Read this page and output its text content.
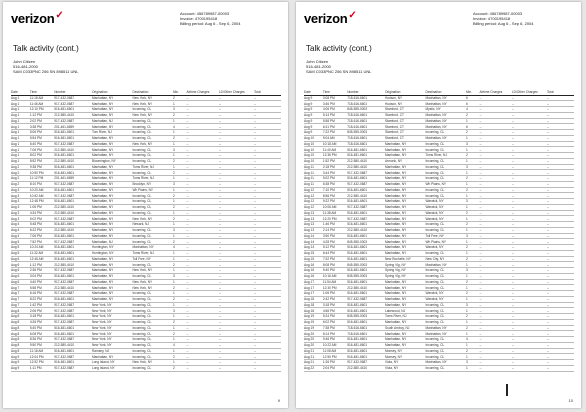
verizon✓	Account: 456789987-00003
Invoice: 4700195418
Billing period: Aug 6 - Sep 6, 2004
Talk activity (cont.)
John Citizen
516-481-2000
SAM C033PNC 256 SN 898511 UNL
Date	Time	Number	Origination	Destination	Min.	Airtime Charges	LD/Other Charges	Total
Aug 1	11:18 AM	917-432-0687	Manhattan, NY	New York, NY	2	--	--	--
Aug 1	11:46 AM	917-432-0687	Manhattan, NY	New York, NY	1	--	--	--
Aug 1	12:10 PM	516-481-6601	Manhattan, NY	Incoming, CL	3	--	--	--
Aug 1	1:12 PM	212-580-4410	Manhattan, NY	New York, NY	2	--	--	--
Aug 1	2:02 PM	917-432-0687	Manhattan, NJ	Incoming, CL	1	--	--	--
Aug 1	3:38 PM	201-461-6659	Manhattan, NY	Incoming, CL	4	--	--	--
Aug 1	5:06 PM	516-481-6601	Tom River, NJ	Incoming, CL	1	--	--	--
Aug 1	5:54 PM	516-481-6601	Manhattan, NY	Incoming, CL	2	--	--	--
Aug 1	6:40 PM	917-432-0687	Manhattan, NY	New York, NY	1	--	--	--
Aug 1	7:06 PM	212-580-4410	Manhattan, NY	Incoming, CL	3	--	--	--
Aug 1	8:02 PM	516-481-6601	Manhattan, NY	Incoming, CL	1	--	--	--
Aug 1	8:52 PM	212-580-4410	Bloomington, NY	Incoming, CL	2	--	--	--
Aug 2	9:38 PM	516-481-6601	Manhattan, NY	Toms River, NJ	1	--	--	--
Aug 2	10:50 PM	516-481-6601	Manhattan, NY	Incoming, CL	2	--	--	--
Aug 2	11:12 PM	201-461-6659	Manhattan, NY	Toms River, NJ	1	--	--	--
Aug 2	8:10 PM	917-432-0687	Manhattan, NY	Brooklyn, NY	3	--	--	--
Aug 3	10:20 AM	516-481-6601	Manhattan, NY	Wh Plains, NY	1	--	--	--
Aug 3	10:52 AM	917-432-0687	Manhattan, NY	Incoming, CL	2	--	--	--
Aug 3	12:48 PM	516-481-6601	Manhattan, NY	Incoming, CL	1	--	--	--
Aug 3	1:06 PM	212-580-4410	Manhattan, NY	Incoming, CL	2	--	--	--
Aug 3	4:34 PM	212-580-4410	Manhattan, NY	Incoming, CL	1	--	--	--
Aug 3	5:02 PM	917-432-0687	Manhattan, NY	New York, NY	2	--	--	--
Aug 4	5:48 PM	516-481-6601	Manhattan, NY	Newark, NJ	1	--	--	--
Aug 4	6:22 PM	212-580-4410	Manhattan, NY	Incoming, CL	3	--	--	--
Aug 4	7:06 PM	516-481-6601	Manhattan, NY	Incoming, CL	1	--	--	--
Aug 5	7:52 PM	917-432-0687	Manhattan, NJ	Incoming, CL	2	--	--	--
Aug 5	10:24 AM	516-481-6601	Huntington, NY	Manhattan, NY	4	--	--	--
Aug 5	11:32 AM	516-481-6601	Huntington, NY	Toms River, NJ	1	--	--	--
Aug 6	12:46 AM	516-481-6601	Manhattan, NY	Toll Free, NY	1	--	--	--
Aug 6	1:12 PM	212-580-4410	Manhattan, NY	Incoming, CL	2	--	--	--
Aug 6	2:36 PM	917-432-0687	Manhattan, NY	New York, NY	1	--	--	--
Aug 6	3:04 PM	516-481-6601	Manhattan, NY	Incoming, CL	3	--	--	--
Aug 6	4:40 PM	917-432-0687	Manhattan, NY	New York, NY	1	--	--	--
Aug 7	5:58 PM	212-580-4410	Manhattan, NY	New York, NY	2	--	--	--
Aug 7	6:16 PM	917-432-0687	Manhattan, NY	Incoming, CL	1	--	--	--
Aug 7	8:22 PM	516-481-6601	Manhattan, NY	Incoming, CL	2	--	--	--
Aug 7	1:42 PM	917-432-0687	New York, NY	Incoming, CL	1	--	--	--
Aug 8	2:06 PM	917-432-0687	New York, NY	Incoming, CL	3	--	--	--
Aug 8	3:18 PM	516-481-6601	New York, NY	Incoming, CL	1	--	--	--
Aug 8	4:26 PM	917-432-0687	New York, NY	Incoming, CL	2	--	--	--
Aug 8	5:40 PM	516-481-6601	New York, NY	Incoming, CL	1	--	--	--
Aug 8	6:08 PM	516-481-6601	New York, NY	Incoming, CL	2	--	--	--
Aug 8	8:36 PM	917-432-0687	New York, NY	Incoming, CL	1	--	--	--
Aug 8	9:50 PM	212-580-4410	New York, NY	Incoming, CL	4	--	--	--
Aug 8	11:18 AM	516-481-6601	Ramsey, NJ	Incoming, CL	1	--	--	--
Aug 9	12:04 PM	917-432-0687	Manhattan, NY	Incoming, CL	2	--	--	--
Aug 9	12:52 PM	516-481-6601	Long Island, NY	New York, NY	1	--	--	--
Aug 9	1:11 PM	917-432-0687	Long Island, NY	Incoming, CL	2	--	--	--
9
verizon✓	Account: 456789987-00003
Invoice: 4700195418
Billing period: Aug 6 - Sep 6, 2004
Talk activity (cont.)
John Citizen
516-481-2000
SAM C033PNC 256 SN 898511 UNL
Date	Time	Number	Origination	Destination	Min.	Airtime Charges	LD/Other Charges	Total
Aug 9	3:08 PM	718-616-6601	Hudson, NY	Manhattan, NY	6	--	--	--
Aug 9	3:46 PM	718-616-6601	Hudson, NY	Manhattan, NY	6	--	--	--
Aug 9	4:06 PM	845-555-0003	Stamford, CT	Mystic, NY	4	--	--	--
Aug 9	5:14 PM	718-616-6601	Stamford, CT	Manhattan, NY	2	--	--	--
Aug 9	5:58 PM	718-616-6601	Stamford, CT	Manhattan, NY	1	--	--	--
Aug 9	6:31 PM	718-616-6601	Stamford, CT	Manhattan, NY	6	--	--	--
Aug 9	7:22 PM	845-555-0003	Stamford, CT	Incoming, CL	2	--	--	--
Aug 10	9:04 AM	718-616-6601	Stamford, CT	Manhattan, NY	1	--	--	--
Aug 10	10:18 AM	718-616-6601	Manhattan, NY	Incoming, CL	3	--	--	--
Aug 10	11:40 AM	516-481-6601	Manhattan, NY	Incoming, CL	1	--	--	--
Aug 10	12:36 PM	516-481-6601	Manhattan, NY	Toms River, NJ	2	--	--	--
Aug 10	1:52 PM	212-580-4410	Armonk, NY	Incoming, CL	1	--	--	--
Aug 11	2:18 PM	212-580-4410	Manhattan, NY	Incoming, CL	3	--	--	--
Aug 11	3:44 PM	917-432-0687	Manhattan, NY	Incoming, CL	1	--	--	--
Aug 11	5:02 PM	516-481-6601	Manhattan, NY	Incoming, CL	2	--	--	--
Aug 11	6:38 PM	917-432-0687	Manhattan, NY	Wh Plains, NY	1	--	--	--
Aug 12	7:10 PM	516-481-6601	Manhattan, NY	Incoming, CL	2	--	--	--
Aug 12	8:56 PM	212-580-4410	Manhattan, NY	Incoming, CL	1	--	--	--
Aug 12	9:22 PM	516-481-6601	Manhattan, NY	Warwick, NY	3	--	--	--
Aug 12	10:06 AM	917-432-0687	Manhattan, NY	Warwick, NY	1	--	--	--
Aug 13	11:38 AM	516-481-6601	Manhattan, NY	Warwick, NY	2	--	--	--
Aug 13	12:20 PM	917-432-0687	Manhattan, NY	Warwick, NY	1	--	--	--
Aug 13	1:46 PM	516-481-6601	Manhattan, NY	Incoming, CL	2	--	--	--
Aug 13	2:14 PM	212-580-4410	Manhattan, NY	Incoming, CL	1	--	--	--
Aug 14	3:50 PM	516-481-6601	Manhattan, NY	Toll Free, NY	3	--	--	--
Aug 14	4:28 PM	845-555-0003	Manhattan, NY	Wh Plains, NY	1	--	--	--
Aug 14	5:12 PM	516-481-6601	Manhattan, NY	Warwick, NY	2	--	--	--
Aug 15	6:44 PM	516-481-6601	Manhattan, NY	Incoming, CL	1	--	--	--
Aug 15	7:32 PM	516-481-6601	New Rochelle, NY	New City, NY	2	--	--	--
Aug 16	8:08 PM	845-555-0003	Spring Vlg, NY	Manhattan, NY	1	--	--	--
Aug 16	9:40 PM	516-481-6601	Spring Vlg, NY	Incoming, CL	3	--	--	--
Aug 16	10:16 AM	845-555-0003	Spring Vlg, NY	Incoming, CL	1	--	--	--
Aug 17	11:54 AM	516-481-6601	Manhattan, NY	Incoming, CL	2	--	--	--
Aug 17	12:30 PM	212-580-4410	Manhattan, NY	Incoming, CL	1	--	--	--
Aug 17	1:06 PM	516-481-6601	Manhattan, NY	Warwick, NY	2	--	--	--
Aug 18	2:42 PM	917-432-0687	Manhattan, NY	Warwick, NY	1	--	--	--
Aug 18	3:18 PM	516-481-6601	Manhattan, NY	Incoming, CL	3	--	--	--
Aug 18	4:56 PM	516-481-6601	Lakewood, NJ	Incoming, CL	1	--	--	--
Aug 19	5:24 PM	845-555-0003	Toms River, NJ	Incoming, CL	2	--	--	--
Aug 19	6:02 PM	516-481-6601	Manhattan, NY	Incoming, CL	1	--	--	--
Aug 19	7:38 PM	718-616-6601	South Amboy, NJ	Manhattan, NY	2	--	--	--
Aug 20	8:14 PM	718-616-6601	Manhattan, NY	Manhattan, NY	1	--	--	--
Aug 20	9:46 PM	516-481-6601	Manhattan, NY	Incoming, CL	4	--	--	--
Aug 20	10:22 AM	516-481-6601	Manhattan, NY	Incoming, CL	1	--	--	--
Aug 21	11:08 AM	516-481-6601	Monsey, NY	Incoming, CL	2	--	--	--
Aug 21	12:50 PM	516-481-6601	Monsey, NY	Incoming, CL	1	--	--	--
Aug 21	1:26 PM	917-432-0687	Viola, NY	Manhattan, NY	3	--	--	--
Aug 22	2:04 PM	212-580-4410	Viola, NY	Incoming, CL	1	--	--	--
10
